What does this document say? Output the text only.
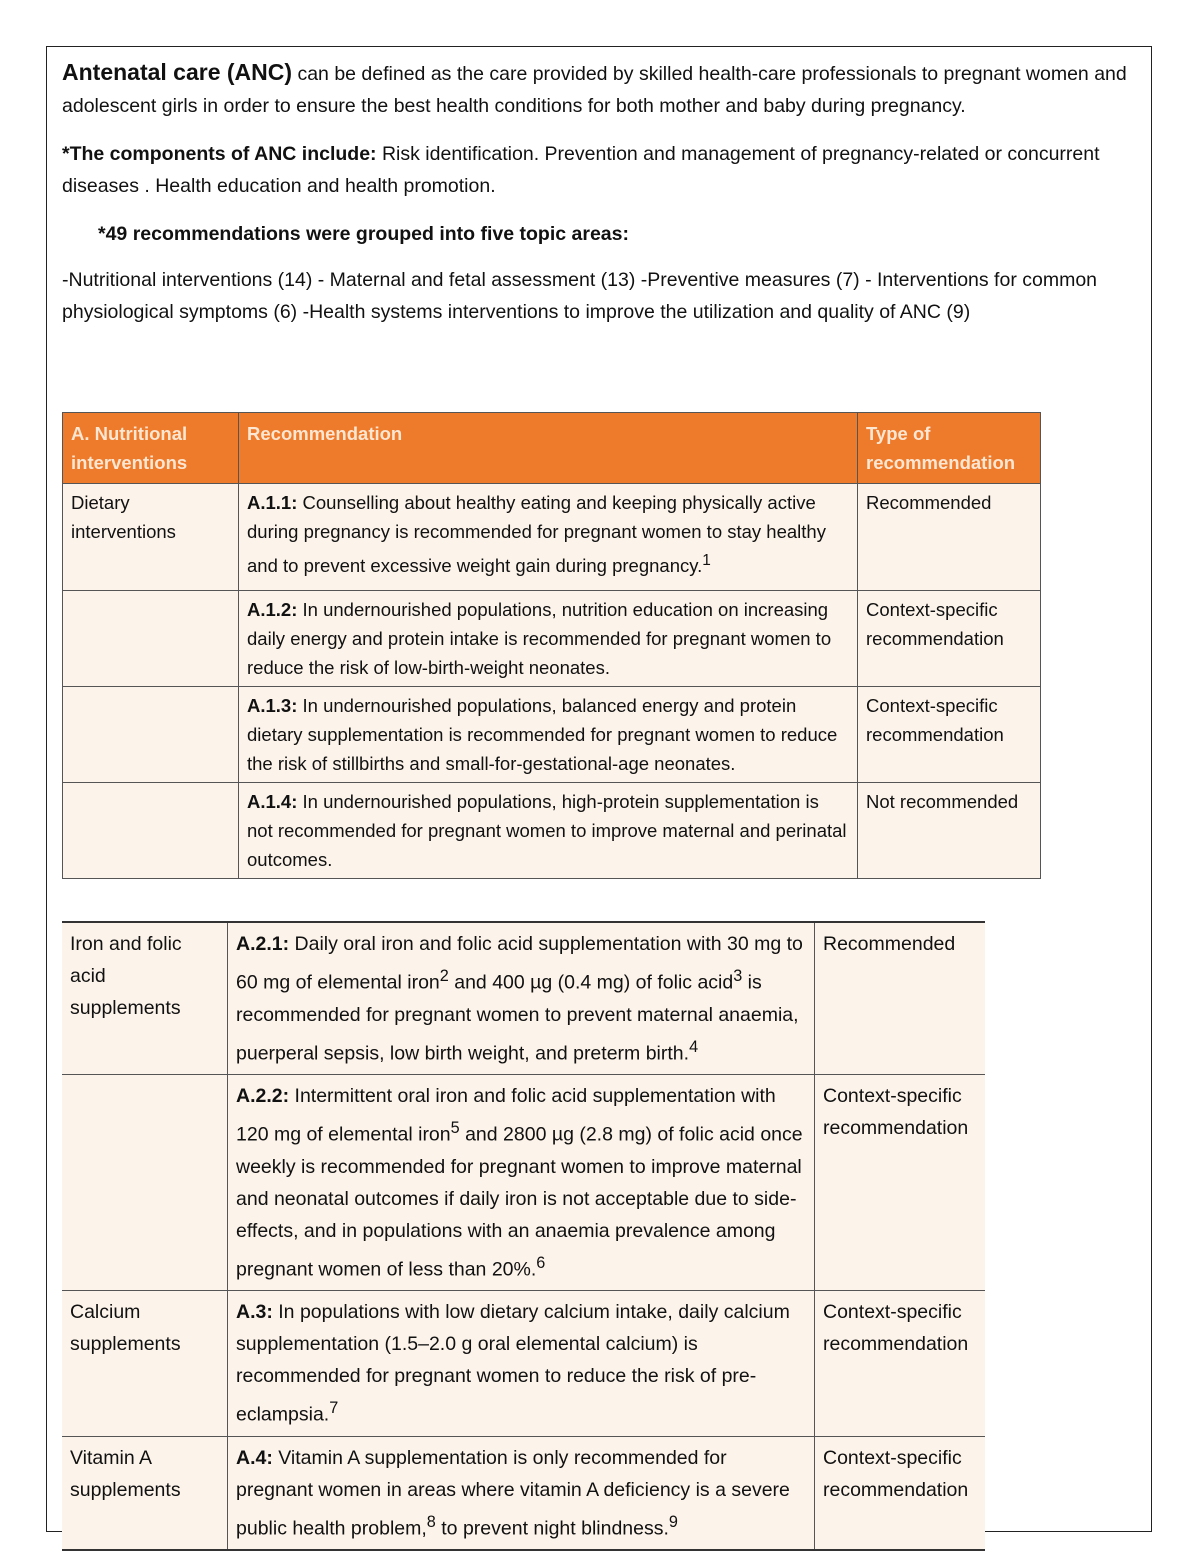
Antenatal care (ANC) can be defined as the care provided by skilled health-care professionals to pregnant women and adolescent girls in order to ensure the best health conditions for both mother and baby during pregnancy.

*The components of ANC include: Risk identification. Prevention and management of pregnancy-related or concurrent diseases . Health education and health promotion.

*49 recommendations were grouped into five topic areas:

-Nutritional interventions (14) - Maternal and fetal assessment (13) -Preventive measures (7) - Interventions for common physiological symptoms (6) -Health systems interventions to improve the utilization and quality of ANC (9)

A. Nutritional interventions	Recommendation	Type of recommendation
Dietary interventions	A.1.1: Counselling about healthy eating and keeping physically active during pregnancy is recommended for pregnant women to stay healthy and to prevent excessive weight gain during pregnancy.$^1$	Recommended
	A.1.2: In undernourished populations, nutrition education on increasing daily energy and protein intake is recommended for pregnant women to reduce the risk of low-birth-weight neonates.	Context-specific recommendation
	A.1.3: In undernourished populations, balanced energy and protein dietary supplementation is recommended for pregnant women to reduce the risk of stillbirths and small-for-gestational-age neonates.	Context-specific recommendation
	A.1.4: In undernourished populations, high-protein supplementation is not recommended for pregnant women to improve maternal and perinatal outcomes.	Not recommended
Iron and folic acid supplements	A.2.1: Daily oral iron and folic acid supplementation with 30 mg to 60 mg of elemental iron$^2$ and 400 µg (0.4 mg) of folic acid$^3$ is recommended for pregnant women to prevent maternal anaemia, puerperal sepsis, low birth weight, and preterm birth.$^4$	Recommended
	A.2.2: Intermittent oral iron and folic acid supplementation with 120 mg of elemental iron$^5$ and 2800 µg (2.8 mg) of folic acid once weekly is recommended for pregnant women to improve maternal and neonatal outcomes if daily iron is not acceptable due to side-effects, and in populations with an anaemia prevalence among pregnant women of less than 20%.$^6$	Context-specific recommendation
Calcium supplements	A.3: In populations with low dietary calcium intake, daily calcium supplementation (1.5–2.0 g oral elemental calcium) is recommended for pregnant women to reduce the risk of pre-eclampsia.$^7$	Context-specific recommendation
Vitamin A supplements	A.4: Vitamin A supplementation is only recommended for pregnant women in areas where vitamin A deficiency is a severe public health problem,$^8$ to prevent night blindness.$^9$	Context-specific recommendation
